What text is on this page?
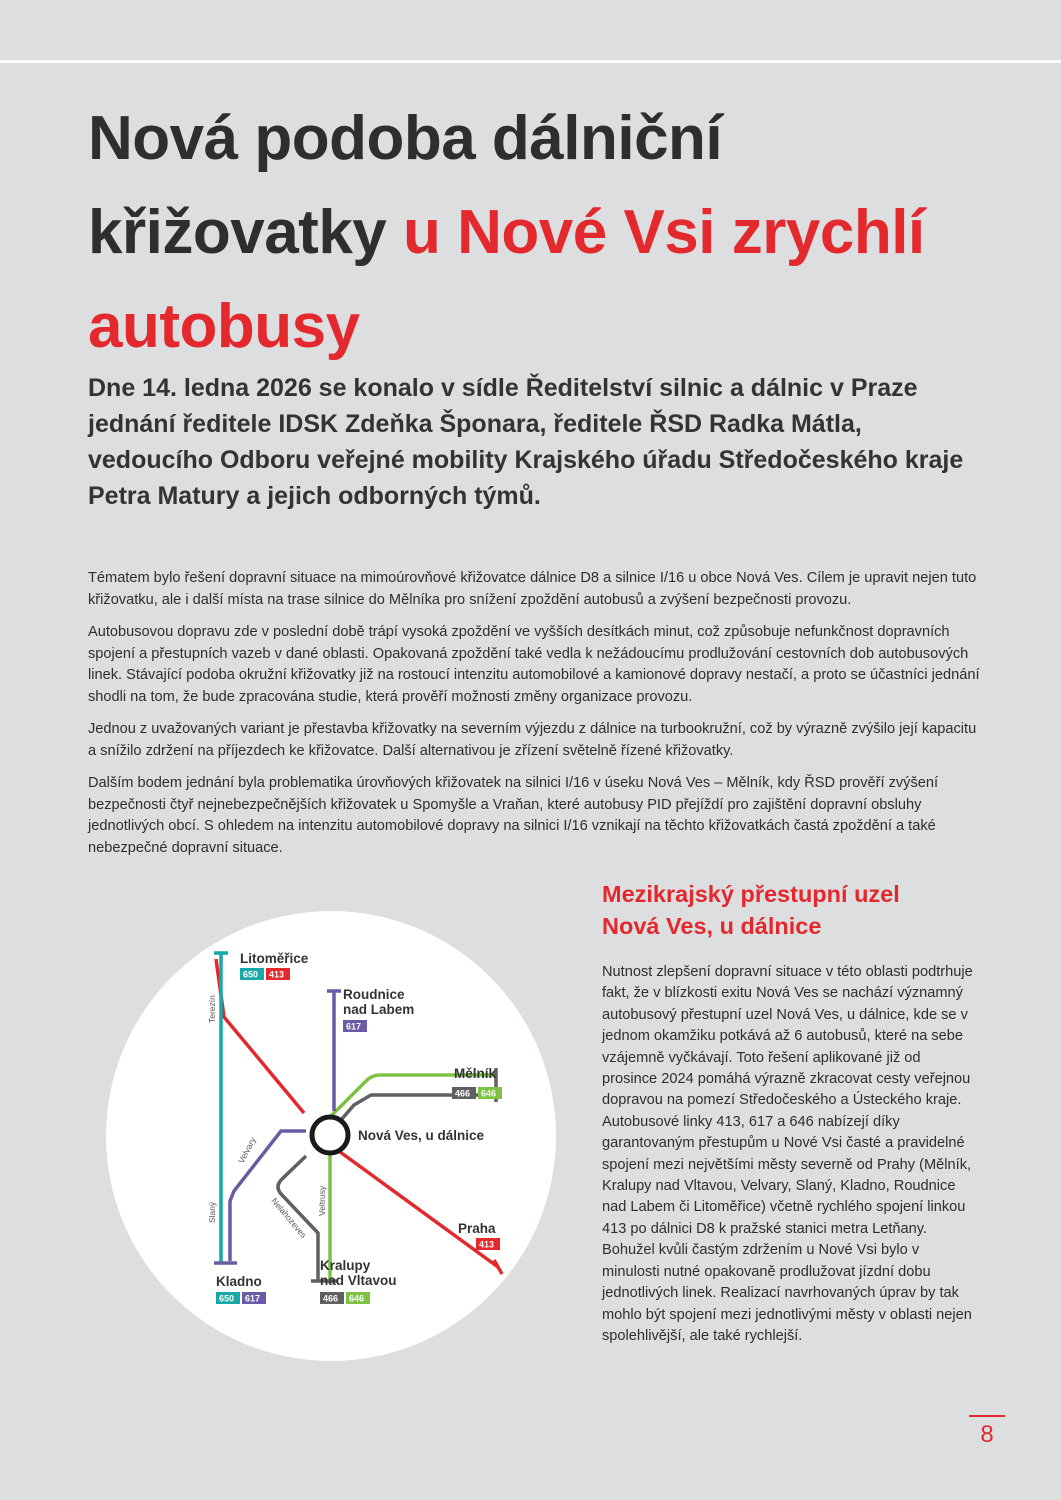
Nová podoba dálniční křižovatky u Nové Vsi zrychlí autobusy

Dne 14. ledna 2026 se konalo v sídle Ředitelství silnic a dálnic v Praze jednání ředitele IDSK Zdeňka Šponara, ředitele ŘSD Radka Mátla, vedoucího Odboru veřejné mobility Krajského úřadu Středočeského kraje Petra Matury a jejich odborných týmů.

Tématem bylo řešení dopravní situace na mimoúrovňové křižovatce dálnice D8 a silnice I/16 u obce Nová Ves. Cílem je upravit nejen tuto křižovatku, ale i další místa na trase silnice do Mělníka pro snížení zpoždění autobusů a zvýšení bezpečnosti provozu.

Autobusovou dopravu zde v poslední době trápí vysoká zpoždění ve vyšších desítkách minut, což způsobuje nefunkčnost dopravních spojení a přestupních vazeb v dané oblasti. Opakovaná zpoždění také vedla k nežádoucímu prodlužování cestovních dob autobusových linek. Stávající podoba okružní křižovatky již na rostoucí intenzitu automobilové a kamionové dopravy nestačí, a proto se účastníci jednání shodli na tom, že bude zpracována studie, která prověří možnosti změny organizace provozu.

Jednou z uvažovaných variant je přestavba křižovatky na severním výjezdu z dálnice na turbookružní, což by výrazně zvýšilo její kapacitu a snížilo zdržení na příjezdech ke křižovatce. Další alternativou je zřízení světelně řízené křižovatky.

Dalším bodem jednání byla problematika úrovňových křižovatek na silnici I/16 v úseku Nová Ves – Mělník, kdy ŘSD prověří zvýšení bezpečnosti čtyř nejnebezpečnějších křižovatek u Spomyšle a Vraňan, které autobusy PID přejíždí pro zajištění dopravní obsluhy jednotlivých obcí. S ohledem na intenzitu automobilové dopravy na silnici I/16 vznikají na těchto křižovatkách častá zpoždění a také nebezpečné dopravní situace.

Nová Ves, u dálnice
Litoměřice
650 413
Roudnice
nad Labem
617
Mělník
466 646
Praha
413
Kralupy
nad Vltavou
466 646
Kladno
650 617
Terezín
Velvary
Slaný	Nelahozeves Veltrusy
Mezikrajský přestupní uzel Nová Ves, u dálnice

Nutnost zlepšení dopravní situace v této oblasti podtrhuje fakt, že v blízkosti exitu Nová Ves se nachází významný autobusový přestupní uzel Nová Ves, u dálnice, kde se v jednom okamžiku potkává až 6 autobusů, které na sebe vzájemně vyčkávají. Toto řešení aplikované již od prosince 2024 pomáhá výrazně zkracovat cesty veřejnou dopravou na pomezí Středočeského a Ústeckého kraje. Autobusové linky 413, 617 a 646 nabízejí díky garantovaným přestupům u Nové Vsi časté a pravidelné spojení mezi největšími městy severně od Prahy (Mělník, Kralupy nad Vltavou, Velvary, Slaný, Kladno, Roudnice nad Labem či Litoměřice) včetně rychlého spojení linkou 413 po dálnici D8 k pražské stanici metra Letňany. Bohužel kvůli častým zdržením u Nové Vsi bylo v minulosti nutné opakovaně prodlužovat jízdní dobu jednotlivých linek. Realizací navrhovaných úprav by tak mohlo být spojení mezi jednotlivými městy v oblasti nejen spolehlivější, ale také rychlejší.

8
